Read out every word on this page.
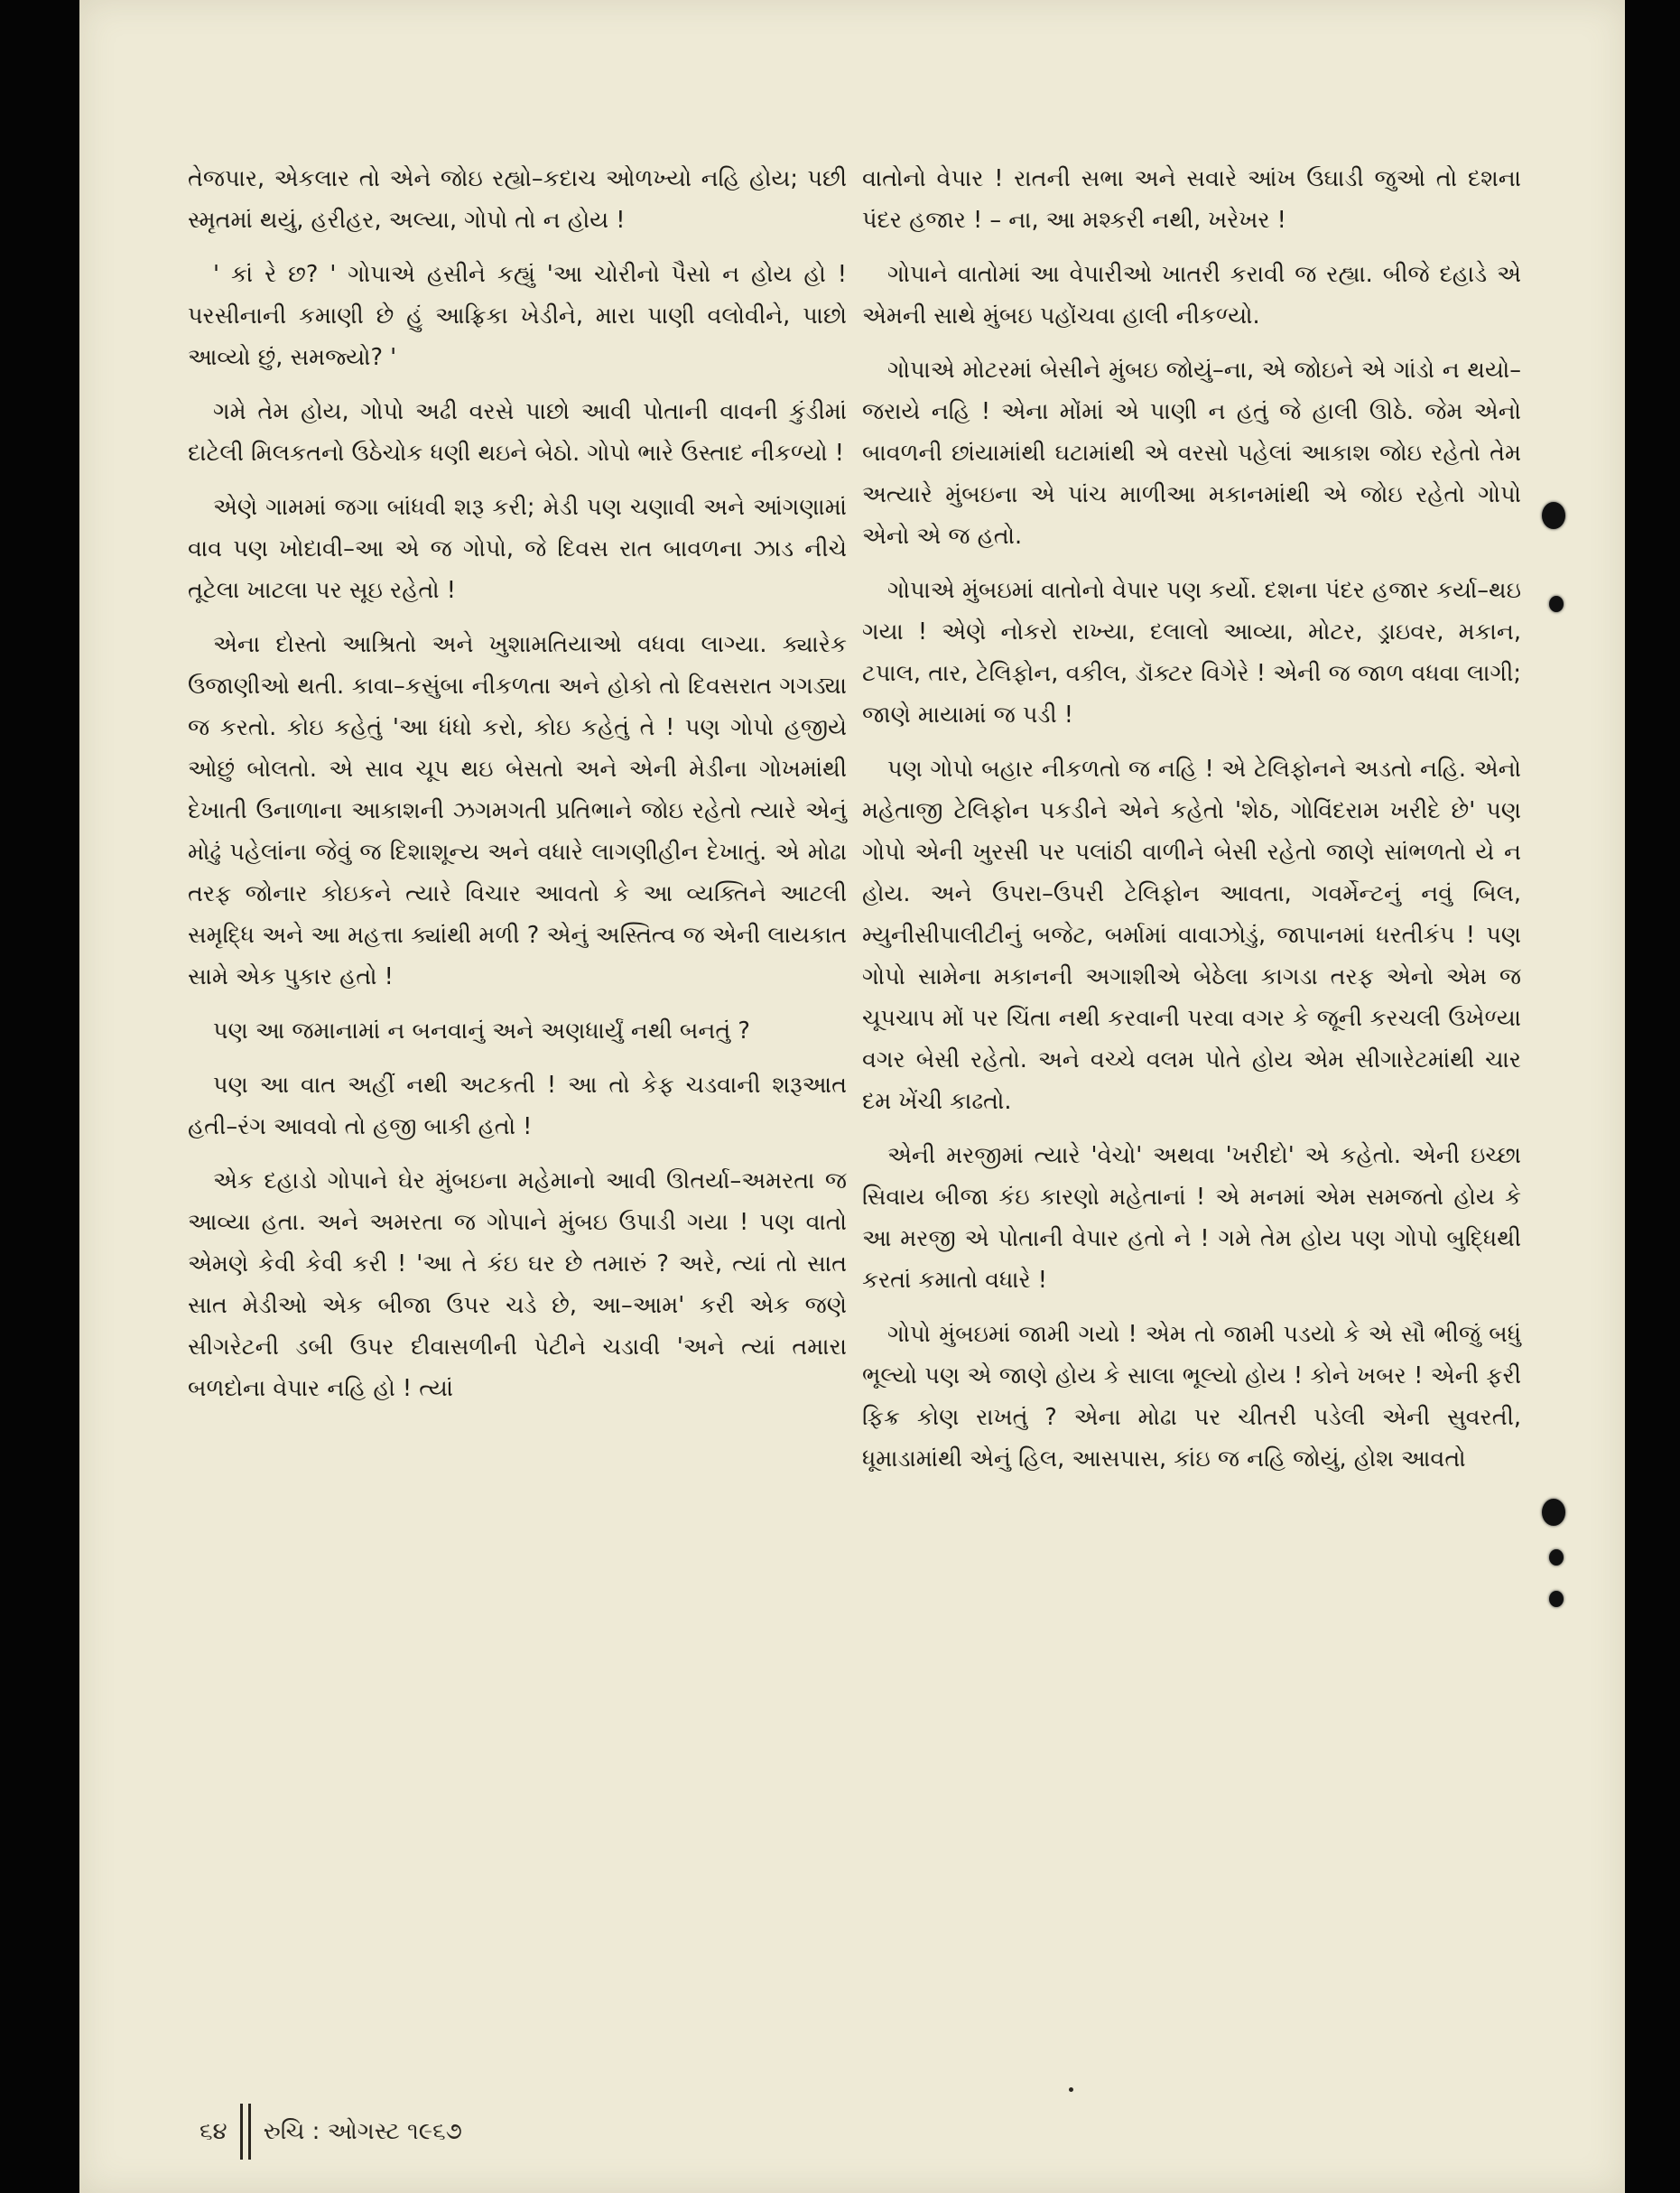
તેજપાર, એકલાર તો એને જોઇ રહ્યો–કદાચ ઓળખ્યો નહિ હોય; પછી સ્મૃતમાં થયું, હરીહર, અલ્યા, ગોપો તો ન હોય !

' કાં રે છ? ' ગોપાએ હસીને કહ્યું 'આ ચોરીનો પૈસો ન હોય હો ! પરસીનાની કમાણી છે હું આફ્રિકા ખેડીને, મારા પાણી વલોવીને, પાછો આવ્યો છું, સમજ્યો? '

ગમે તેમ હોય, ગોપો અઢી વરસે પાછો આવી પોતાની વાવની કુંડીમાં દાટેલી મિલકતનો ઉઠેચોક ધણી થઇને બેઠો. ગોપો ભારે ઉસ્તાદ નીકળ્યો !

એણે ગામમાં જગા બાંધવી શરૂ કરી; મેડી પણ ચણાવી અને આંગણામાં વાવ પણ ખોદાવી–આ એ જ ગોપો, જે દિવસ રાત બાવળના ઝાડ નીચે તૂટેલા ખાટલા પર સૂઇ રહેતો !

એના દોસ્તો આશ્રિતો અને ખુશામતિયાઓ વધવા લાગ્યા. ક્યારેક ઉજાણીઓ થતી. કાવા–કસુંબા નીકળતા અને હોકો તો દિવસરાત ગગડ્યા જ કરતો. કોઇ કહેતું 'આ ધંધો કરો, કોઇ કહેતું તે ! પણ ગોપો હજીયે ઓછું બોલતો. એ સાવ ચૂપ થઇ બેસતો અને એની મેડીના ગોખમાંથી દેખાતી ઉનાળાના આકાશની ઝગમગતી પ્રતિભાને જોઇ રહેતો ત્યારે એનું મોઢું પહેલાંના જેવું જ દિશાશૂન્ય અને વધારે લાગણીહીન દેખાતું. એ મોઢા તરફ જોનાર કોઇકને ત્યારે વિચાર આવતો કે આ વ્યક્તિને આટલી સમૃદ્ધિ અને આ મહત્તા ક્યાંથી મળી ? એનું અસ્તિત્વ જ એની લાયકાત સામે એક પુકાર હતો !

પણ આ જમાનામાં ન બનવાનું અને અણધાર્યું નથી બનતું ?

પણ આ વાત અહીં નથી અટકતી ! આ તો કેફ ચડવાની શરૂઆત હતી–રંગ આવવો તો હજી બાકી હતો !

એક દહાડો ગોપાને ઘેર મુંબઇના મહેમાનો આવી ઊતર્યા–અમરતા જ આવ્યા હતા. અને અમરતા જ ગોપાને મુંબઇ ઉપાડી ગયા ! પણ વાતો એમણે કેવી કેવી કરી ! 'આ તે કંઇ ઘર છે તમારું ? અરે, ત્યાં તો સાત સાત મેડીઓ એક બીજા ઉપર ચડે છે, આ–આમ' કરી એક જણે સીગરેટની ડબી ઉપર દીવાસળીની પેટીને ચડાવી 'અને ત્યાં તમારા બળદોના વેપાર નહિ હો ! ત્યાં

વાતોનો વેપાર ! રાતની સભા અને સવારે આંખ ઉઘાડી જુઓ તો દશના પંદર હજાર ! – ના, આ મશ્કરી નથી, ખરેખર !

ગોપાને વાતોમાં આ વેપારીઓ ખાતરી કરાવી જ રહ્યા. બીજે દહાડે એ એમની સાથે મુંબઇ પહોંચવા હાલી નીકળ્યો.

ગોપાએ મોટરમાં બેસીને મુંબઇ જોયું–ના, એ જોઇને એ ગાંડો ન થયો–જરાયે નહિ ! એના મોંમાં એ પાણી ન હતું જે હાલી ઊઠે. જેમ એનો બાવળની છાંયામાંથી ઘટામાંથી એ વરસો પહેલાં આકાશ જોઇ રહેતો તેમ અત્યારે મુંબઇના એ પાંચ માળીઆ મકાનમાંથી એ જોઇ રહેતો ગોપો એનો એ જ હતો.

ગોપાએ મુંબઇમાં વાતોનો વેપાર પણ કર્યો. દશના પંદર હજાર કર્યા–થઇ ગયા ! એણે નોકરો રાખ્યા, દલાલો આવ્યા, મોટર, ડ્રાઇવર, મકાન, ટપાલ, તાર, ટેલિફોન, વકીલ, ડૉક્ટર વિગેરે ! એની જ જાળ વધવા લાગી; જાણે માયામાં જ પડી !

પણ ગોપો બહાર નીકળતો જ નહિ ! એ ટેલિફોનને અડતો નહિ. એનો મહેતાજી ટેલિફોન પકડીને એને કહેતો 'શેઠ, ગોવિંદરામ ખરીદે છે' પણ ગોપો એની ખુરસી પર પલાંઠી વાળીને બેસી રહેતો જાણે સાંભળતો યે ન હોય. અને ઉપરા–ઉપરી ટેલિફોન આવતા, ગવર્મેન્ટનું નવું બિલ, મ્યુનીસીપાલીટીનું બજેટ, બર્મામાં વાવાઝોડું, જાપાનમાં ધરતીકંપ ! પણ ગોપો સામેના મકાનની અગાશીએ બેઠેલા કાગડા તરફ એનો એમ જ ચૂપચાપ મોં પર ચિંતા નથી કરવાની પરવા વગર કે જૂની કરચલી ઉખેળ્યા વગર બેસી રહેતો. અને વચ્ચે વલમ પોતે હોય એમ સીગારેટમાંથી ચાર દમ ખેંચી કાઢતો.

એની મરજીમાં ત્યારે 'વેચો' અથવા 'ખરીદો' એ કહેતો. એની ઇચ્છા સિવાય બીજા કંઇ કારણો મહેતાનાં ! એ મનમાં એમ સમજતો હોય કે આ મરજી એ પોતાની વેપાર હતો ને ! ગમે તેમ હોય પણ ગોપો બુદ્ધિથી કરતાં કમાતો વધારે !

ગોપો મુંબઇમાં જામી ગયો ! એમ તો જામી પડયો કે એ સૌ ભીજું બધું ભૂલ્યો પણ એ જાણે હોય કે સાલા ભૂલ્યો હોય ! કોને ખબર ! એની ફરી ફિક્ર કોણ રાખતું ? એના મોઢા પર ચીતરી પડેલી એની સુવરતી, ધૂમાડામાંથી એનું હિલ, આસપાસ, કાંઇ જ નહિ જોયું, હોશ આવતો

૬૪ રુચિ : ઓગસ્ટ ૧૯૬૭
